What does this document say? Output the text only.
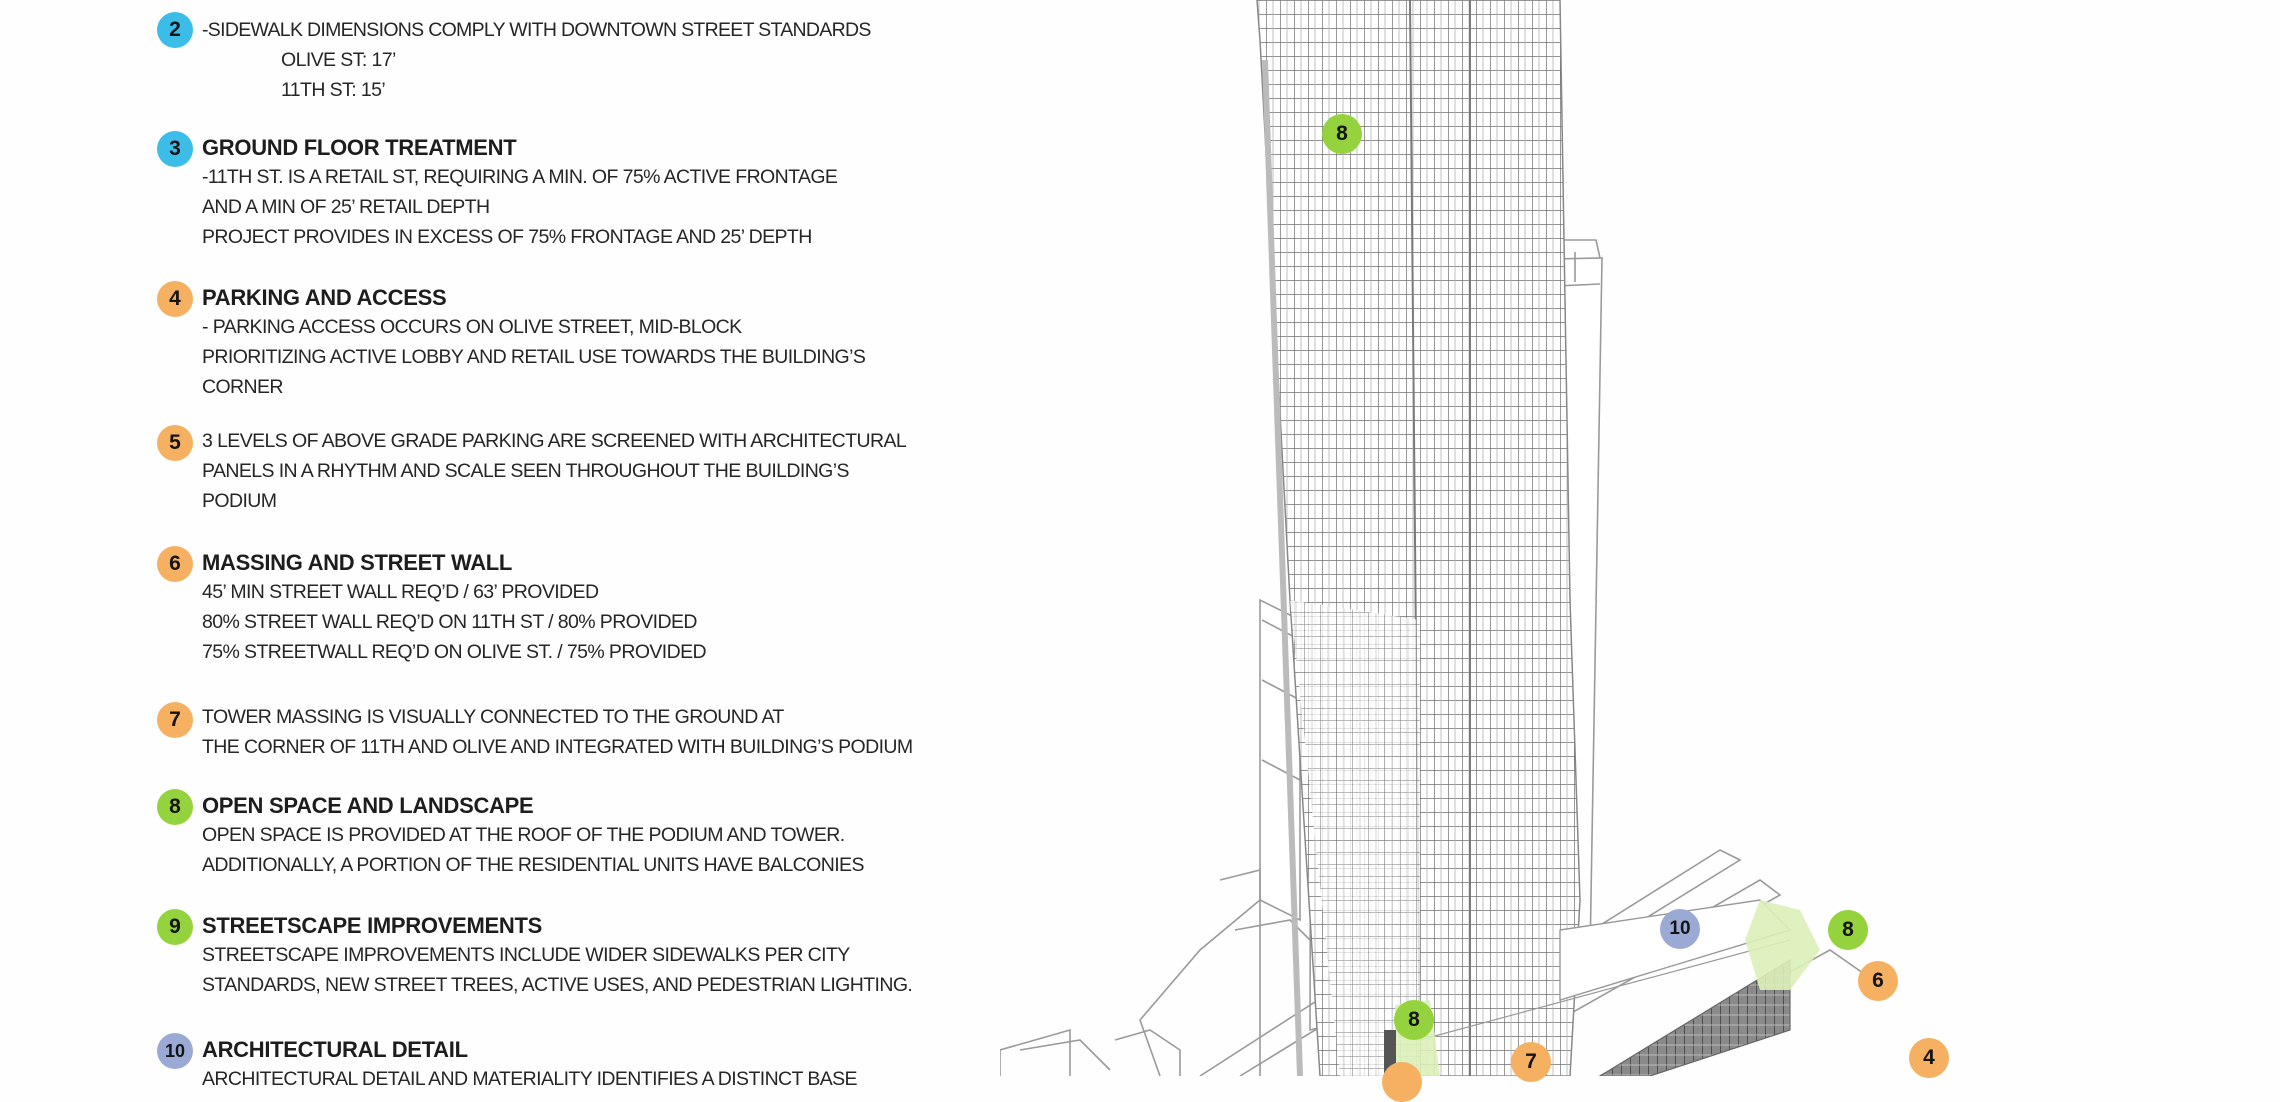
2	-SIDEWALK DIMENSIONS COMPLY WITH DOWNTOWN STREET STANDARDS
OLIVE ST: 17’
11TH ST: 15’
3 GROUND FLOOR TREATMENT
-11TH ST. IS A RETAIL ST, REQUIRING A MIN. OF 75% ACTIVE FRONTAGE
AND A MIN OF 25’ RETAIL DEPTH
PROJECT PROVIDES IN EXCESS OF 75% FRONTAGE AND 25’ DEPTH
4 PARKING AND ACCESS
- PARKING ACCESS OCCURS ON OLIVE STREET, MID-BLOCK
PRIORITIZING ACTIVE LOBBY AND RETAIL USE TOWARDS THE BUILDING’S
CORNER
5	3 LEVELS OF ABOVE GRADE PARKING ARE SCREENED WITH ARCHITECTURAL
PANELS IN A RHYTHM AND SCALE SEEN THROUGHOUT THE BUILDING’S
PODIUM
6 MASSING AND STREET WALL
45’ MIN STREET WALL REQ’D / 63’ PROVIDED
80% STREET WALL REQ’D ON 11TH ST / 80% PROVIDED
75% STREETWALL REQ’D ON OLIVE ST. / 75% PROVIDED
7	TOWER MASSING IS VISUALLY CONNECTED TO THE GROUND AT
THE CORNER OF 11TH AND OLIVE AND INTEGRATED WITH BUILDING’S PODIUM
8 OPEN SPACE AND LANDSCAPE
OPEN SPACE IS PROVIDED AT THE ROOF OF THE PODIUM AND TOWER.
ADDITIONALLY, A PORTION OF THE RESIDENTIAL UNITS HAVE BALCONIES
9 STREETSCAPE IMPROVEMENTS
STREETSCAPE IMPROVEMENTS INCLUDE WIDER SIDEWALKS PER CITY
STANDARDS, NEW STREET TREES, ACTIVE USES, AND PEDESTRIAN LIGHTING.
10 ARCHITECTURAL DETAIL
ARCHITECTURAL DETAIL AND MATERIALITY IDENTIFIES A DISTINCT BASE
8
10	8
6
8
7	4
